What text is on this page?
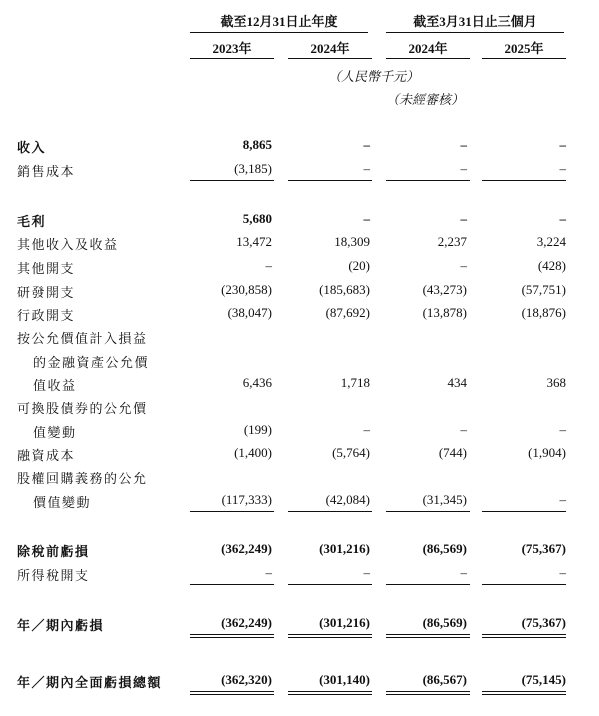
截至12月31日止年度	截至3月31日止三個月
2023年	2024年	2024年	2025年
（人民幣千元）
（未經審核）
收入	8,865	–	–	–
銷售成本	(3,185)	–	–	–
毛利	5,680	–	–	–
其他收入及收益	13,472	18,309	2,237	3,224
其他開支	–	(20)	–	(428)
研發開支	(230,858)	(185,683)	(43,273)	(57,751)
行政開支	(38,047)	(87,692)	(13,878)	(18,876)
按公允價值計入損益
的金融資產公允價
值收益	6,436	1,718	434	368
可換股債券的公允價
值變動	(199)	–	–	–
融資成本	(1,400)	(5,764)	(744)	(1,904)
股權回購義務的公允
價值變動	(117,333)	(42,084)	(31,345)	–
除稅前虧損	(362,249)	(301,216)	(86,569)	(75,367)
所得稅開支	–	–	–	–
年／期內虧損	(362,249)	(301,216)	(86,569)	(75,367)
年／期內全面虧損總額	(362,320)	(301,140)	(86,567)	(75,145)
